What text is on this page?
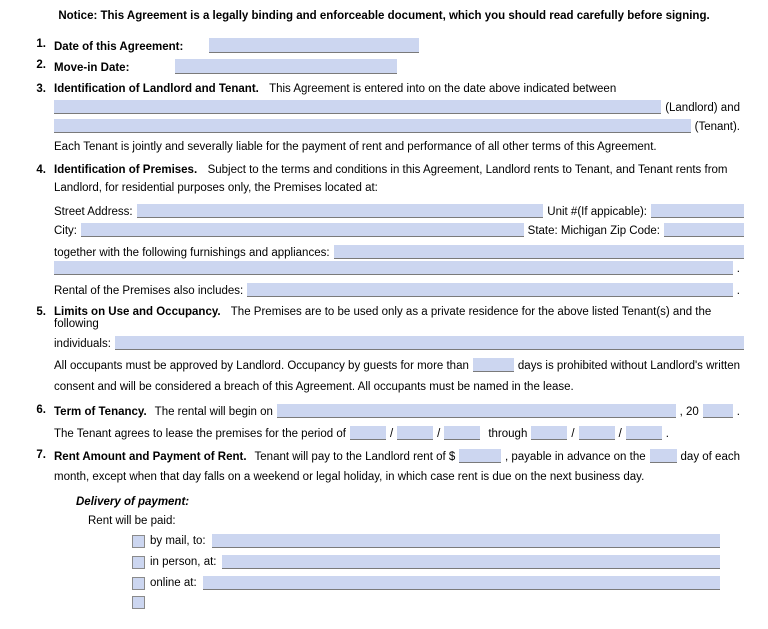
Notice: This Agreement is a legally binding and enforceable document, which you should read carefully before signing.
1. Date of this Agreement:
2. Move-in Date:
3. Identification of Landlord and Tenant. This Agreement is entered into on the date above indicated between
(Landlord) and
(Tenant).
Each Tenant is jointly and severally liable for the payment of rent and performance of all other terms of this Agreement.
4. Identification of Premises. Subject to the terms and conditions in this Agreement, Landlord rents to Tenant, and Tenant rents from
Landlord, for residential purposes only, the Premises located at:
Street Address:	Unit #(If appicable):
City:	State: Michigan Zip Code:
together with the following furnishings and appliances:
.
Rental of the Premises also includes:	.
5. Limits on Use and Occupancy. The Premises are to be used only as a private residence for the above listed Tenant(s) and the following
individuals:
All occupants must be approved by Landlord. Occupancy by guests for more than	days is prohibited without Landlord's written
consent and will be considered a breach of this Agreement. All occupants must be named in the lease.
6. Term of Tenancy. The rental will begin on	, 20	.
The Tenant agrees to lease the premises for the period of	/	/	through	/	/	.
7. Rent Amount and Payment of Rent. Tenant will pay to the Landlord rent of $	, payable in advance on the	day of each
month, except when that day falls on a weekend or legal holiday, in which case rent is due on the next business day.
Delivery of payment:
Rent will be paid:
by mail, to:
in person, at:
online at:
